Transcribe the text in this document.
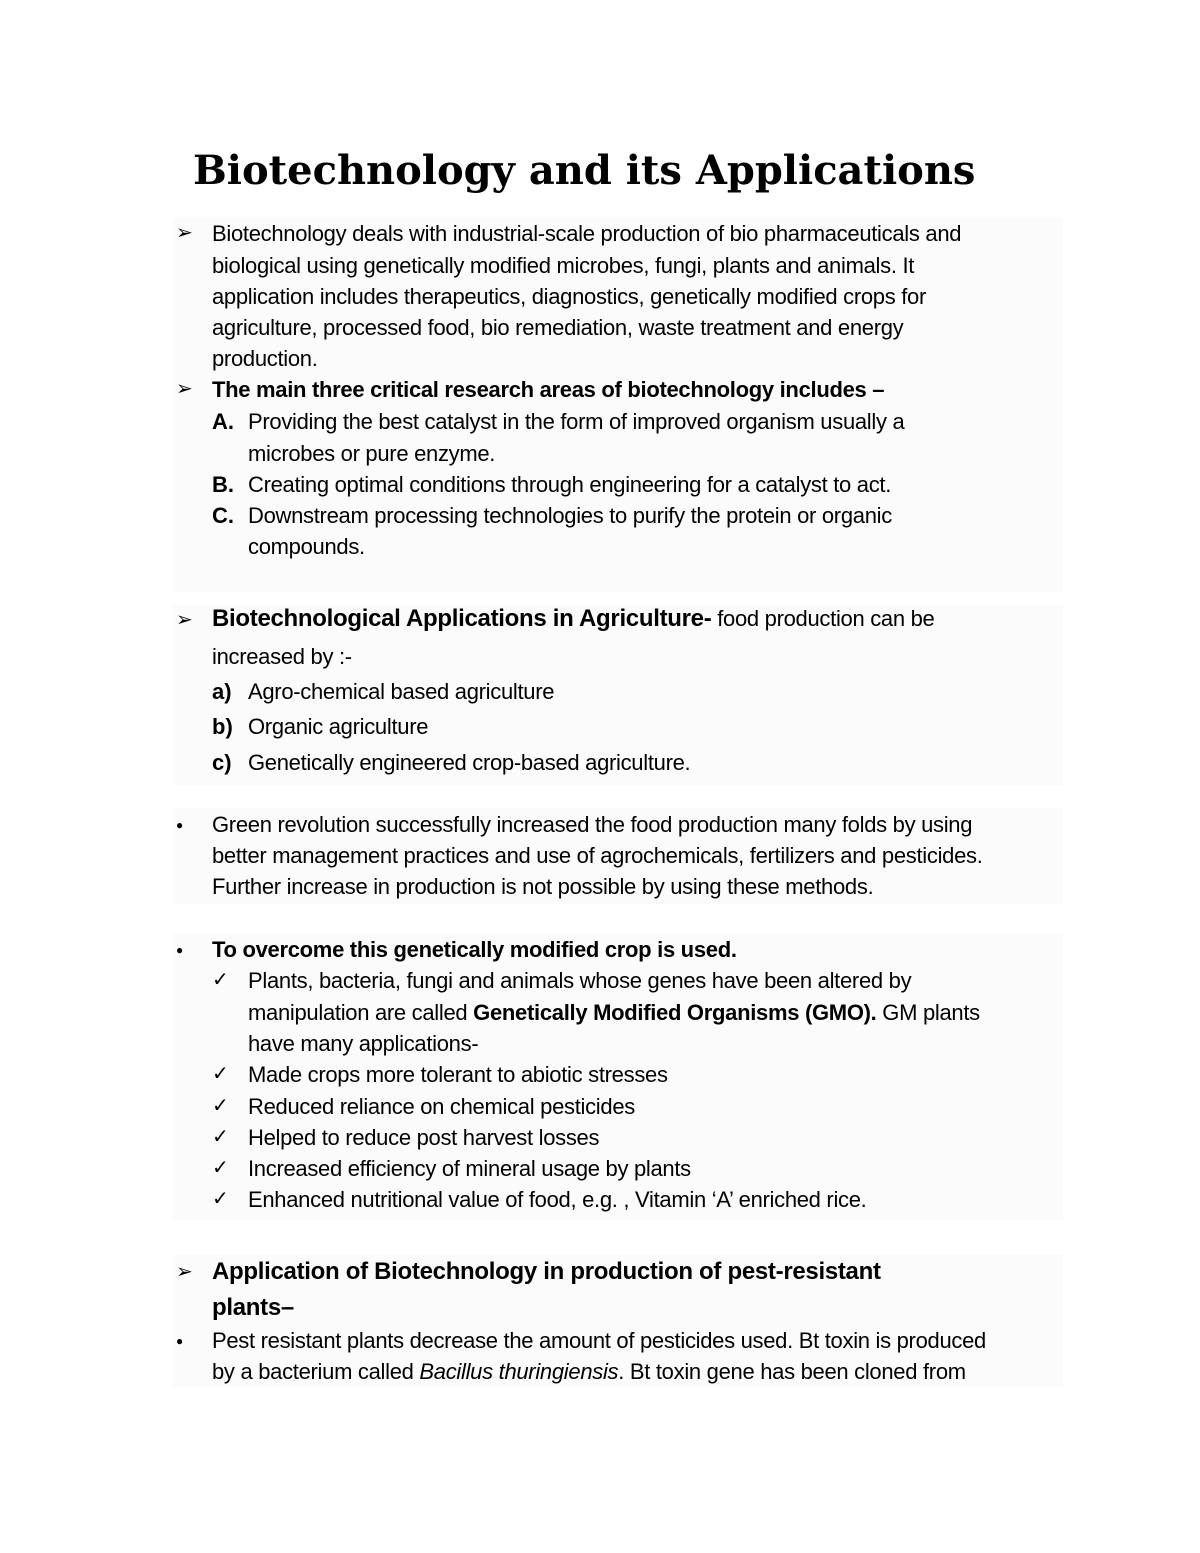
Biotechnology and its Applications
➢ Biotechnology deals with industrial-scale production of bio pharmaceuticals and
biological using genetically modified microbes, fungi, plants and animals. It
application includes therapeutics, diagnostics, genetically modified crops for
agriculture, processed food, bio remediation, waste treatment and energy
production.
➢ The main three critical research areas of biotechnology includes –
A. Providing the best catalyst in the form of improved organism usually a
microbes or pure enzyme.
B. Creating optimal conditions through engineering for a catalyst to act.
C. Downstream processing technologies to purify the protein or organic
compounds.
➢ Biotechnological Applications in Agriculture- food production can be
increased by :-
a) Agro-chemical based agriculture
b) Organic agriculture
c) Genetically engineered crop-based agriculture.
● Green revolution successfully increased the food production many folds by using
better management practices and use of agrochemicals, fertilizers and pesticides.
Further increase in production is not possible by using these methods.
● To overcome this genetically modified crop is used.
✓ Plants, bacteria, fungi and animals whose genes have been altered by
manipulation are called Genetically Modified Organisms (GMO). GM plants
have many applications-
✓ Made crops more tolerant to abiotic stresses
✓ Reduced reliance on chemical pesticides
✓ Helped to reduce post harvest losses
✓ Increased efficiency of mineral usage by plants
✓ Enhanced nutritional value of food, e.g. , Vitamin ‘A’ enriched rice.
➢ Application of Biotechnology in production of pest-resistant
plants–
● Pest resistant plants decrease the amount of pesticides used. Bt toxin is produced
by a bacterium called Bacillus thuringiensis. Bt toxin gene has been cloned from
